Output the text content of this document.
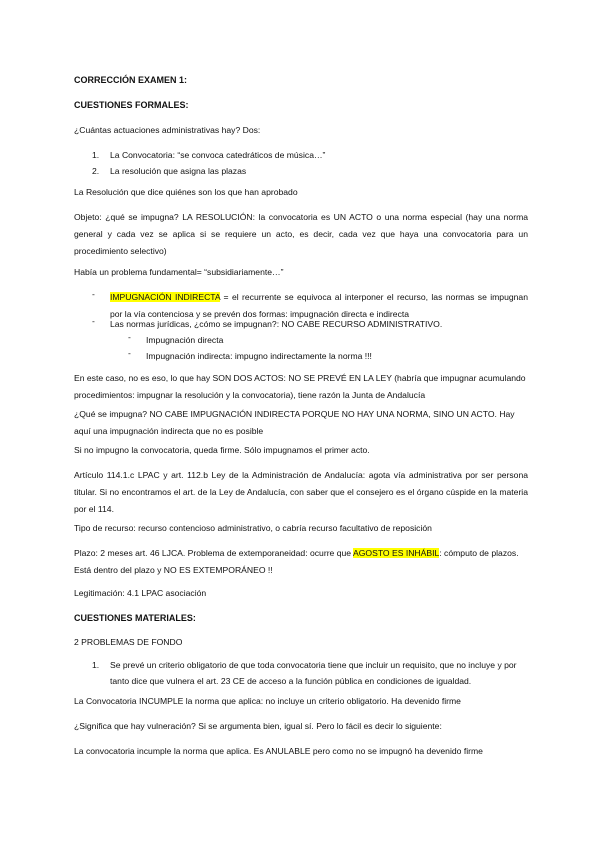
CORRECCIÓN EXAMEN 1:
CUESTIONES FORMALES:
¿Cuántas actuaciones administrativas hay? Dos:
1. La Convocatoria: “se convoca catedráticos de música…”
2. La resolución que asigna las plazas
La Resolución que dice quiénes son los que han aprobado
Objeto: ¿qué se impugna? LA RESOLUCIÓN: la convocatoria es UN ACTO o una norma especial (hay una norma general y cada vez se aplica si se requiere un acto, es decir, cada vez que haya una convocatoria para un procedimiento selectivo)
Había un problema fundamental= “subsidiariamente…”
- IMPUGNACIÓN INDIRECTA = el recurrente se equivoca al interponer el recurso, las normas se impugnan por la vía contenciosa y se prevén dos formas: impugnación directa e indirecta
- Las normas jurídicas, ¿cómo se impugnan?: NO CABE RECURSO ADMINISTRATIVO.
- Impugnación directa
- Impugnación indirecta: impugno indirectamente la norma !!!
En este caso, no es eso, lo que hay SON DOS ACTOS: NO SE PREVÉ EN LA LEY (habría que impugnar acumulando procedimientos: impugnar la resolución y la convocatoria), tiene razón la Junta de Andalucía
¿Qué se impugna? NO CABE IMPUGNACIÓN INDIRECTA PORQUE NO HAY UNA NORMA, SINO UN ACTO. Hay aquí una impugnación indirecta que no es posible
Si no impugno la convocatoria, queda firme. Sólo impugnamos el primer acto.
Artículo 114.1.c LPAC y art. 112.b Ley de la Administración de Andalucía: agota vía administrativa por ser persona titular. Si no encontramos el art. de la Ley de Andalucía, con saber que el consejero es el órgano cúspide en la materia por el 114.
Tipo de recurso: recurso contencioso administrativo, o cabría recurso facultativo de reposición
Plazo: 2 meses art. 46 LJCA. Problema de extemporaneidad: ocurre que AGOSTO ES INHÁBIL: cómputo de plazos. Está dentro del plazo y NO ES EXTEMPORÁNEO !!
Legitimación: 4.1 LPAC asociación
CUESTIONES MATERIALES:
2 PROBLEMAS DE FONDO
1. Se prevé un criterio obligatorio de que toda convocatoria tiene que incluir un requisito, que no incluye y por tanto dice que vulnera el art. 23 CE de acceso a la función pública en condiciones de igualdad.
La Convocatoria INCUMPLE la norma que aplica: no incluye un criterio obligatorio. Ha devenido firme
¿Significa que hay vulneración? Si se argumenta bien, igual sí. Pero lo fácil es decir lo siguiente:
La convocatoria incumple la norma que aplica. Es ANULABLE pero como no se impugnó ha devenido firme
